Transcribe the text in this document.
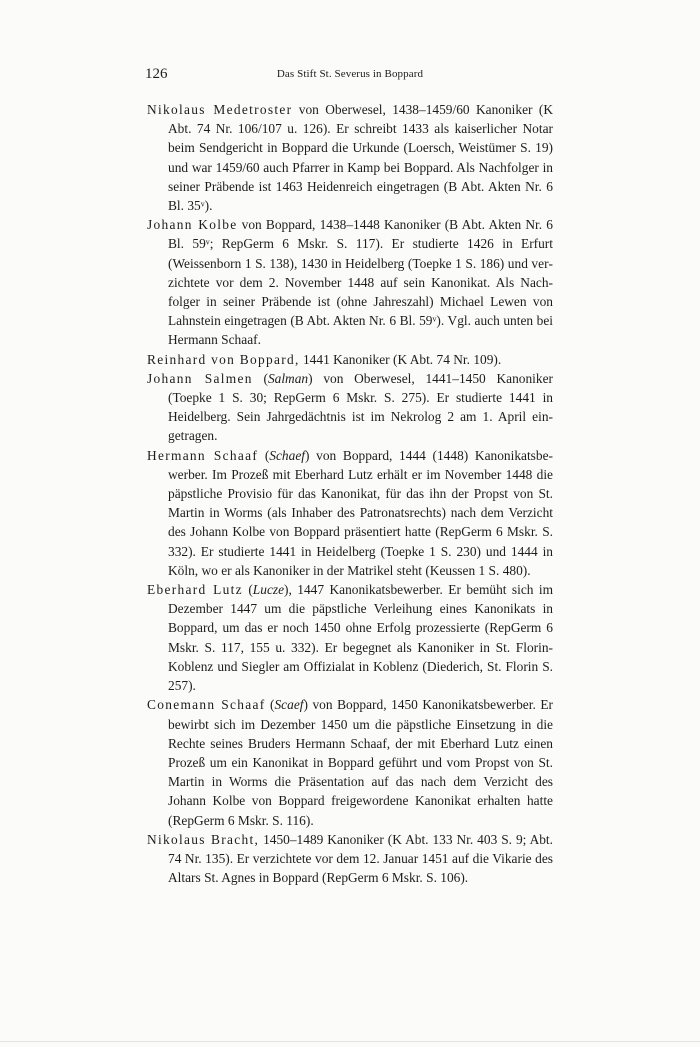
126	Das Stift St. Severus in Boppard

Nikolaus Medetroster von Oberwesel, 1438–1459/60 Kanoniker (K Abt. 74 Nr. 106/107 u. 126). Er schreibt 1433 als kaiserlicher Notar beim Sendgericht in Boppard die Urkunde (Loersch, Weistümer S. 19) und war 1459/60 auch Pfarrer in Kamp bei Boppard. Als Nachfolger in seiner Präbende ist 1463 Heidenreich eingetragen (B Abt. Akten Nr. 6 Bl. 35ᵛ).

Johann Kolbe von Boppard, 1438–1448 Kanoniker (B Abt. Akten Nr. 6 Bl. 59ᵛ; RepGerm 6 Mskr. S. 117). Er studierte 1426 in Erfurt (Weissenborn 1 S. 138), 1430 in Heidelberg (Toepke 1 S. 186) und verzichtete vor dem 2. November 1448 auf sein Kanonikat. Als Nachfolger in seiner Präbende ist (ohne Jahreszahl) Michael Lewen von Lahnstein eingetragen (B Abt. Akten Nr. 6 Bl. 59ᵛ). Vgl. auch unten bei Hermann Schaaf.

Reinhard von Boppard, 1441 Kanoniker (K Abt. 74 Nr. 109).

Johann Salmen (Salman) von Oberwesel, 1441–1450 Kanoniker (Toepke 1 S. 30; RepGerm 6 Mskr. S. 275). Er studierte 1441 in Heidelberg. Sein Jahrgedächtnis ist im Nekrolog 2 am 1. April eingetragen.

Hermann Schaaf (Schaef) von Boppard, 1444 (1448) Kanonikatsbewerber. Im Prozeß mit Eberhard Lutz erhält er im November 1448 die päpstliche Provisio für das Kanonikat, für das ihn der Propst von St. Martin in Worms (als Inhaber des Patronatsrechts) nach dem Verzicht des Johann Kolbe von Boppard präsentiert hatte (RepGerm 6 Mskr. S. 332). Er studierte 1441 in Heidelberg (Toepke 1 S. 230) und 1444 in Köln, wo er als Kanoniker in der Matrikel steht (Keussen 1 S. 480).

Eberhard Lutz (Lucze), 1447 Kanonikatsbewerber. Er bemüht sich im Dezember 1447 um die päpstliche Verleihung eines Kanonikats in Boppard, um das er noch 1450 ohne Erfolg prozessierte (RepGerm 6 Mskr. S. 117, 155 u. 332). Er begegnet als Kanoniker in St. Florin-Koblenz und Siegler am Offizialat in Koblenz (Diederich, St. Florin S. 257).

Conemann Schaaf (Scaef) von Boppard, 1450 Kanonikatsbewerber. Er bewirbt sich im Dezember 1450 um die päpstliche Einsetzung in die Rechte seines Bruders Hermann Schaaf, der mit Eberhard Lutz einen Prozeß um ein Kanonikat in Boppard geführt und vom Propst von St. Martin in Worms die Präsentation auf das nach dem Verzicht des Johann Kolbe von Boppard freigewordene Kanonikat erhalten hatte (RepGerm 6 Mskr. S. 116).

Nikolaus Bracht, 1450–1489 Kanoniker (K Abt. 133 Nr. 403 S. 9; Abt. 74 Nr. 135). Er verzichtete vor dem 12. Januar 1451 auf die Vikarie des Altars St. Agnes in Boppard (RepGerm 6 Mskr. S. 106).
